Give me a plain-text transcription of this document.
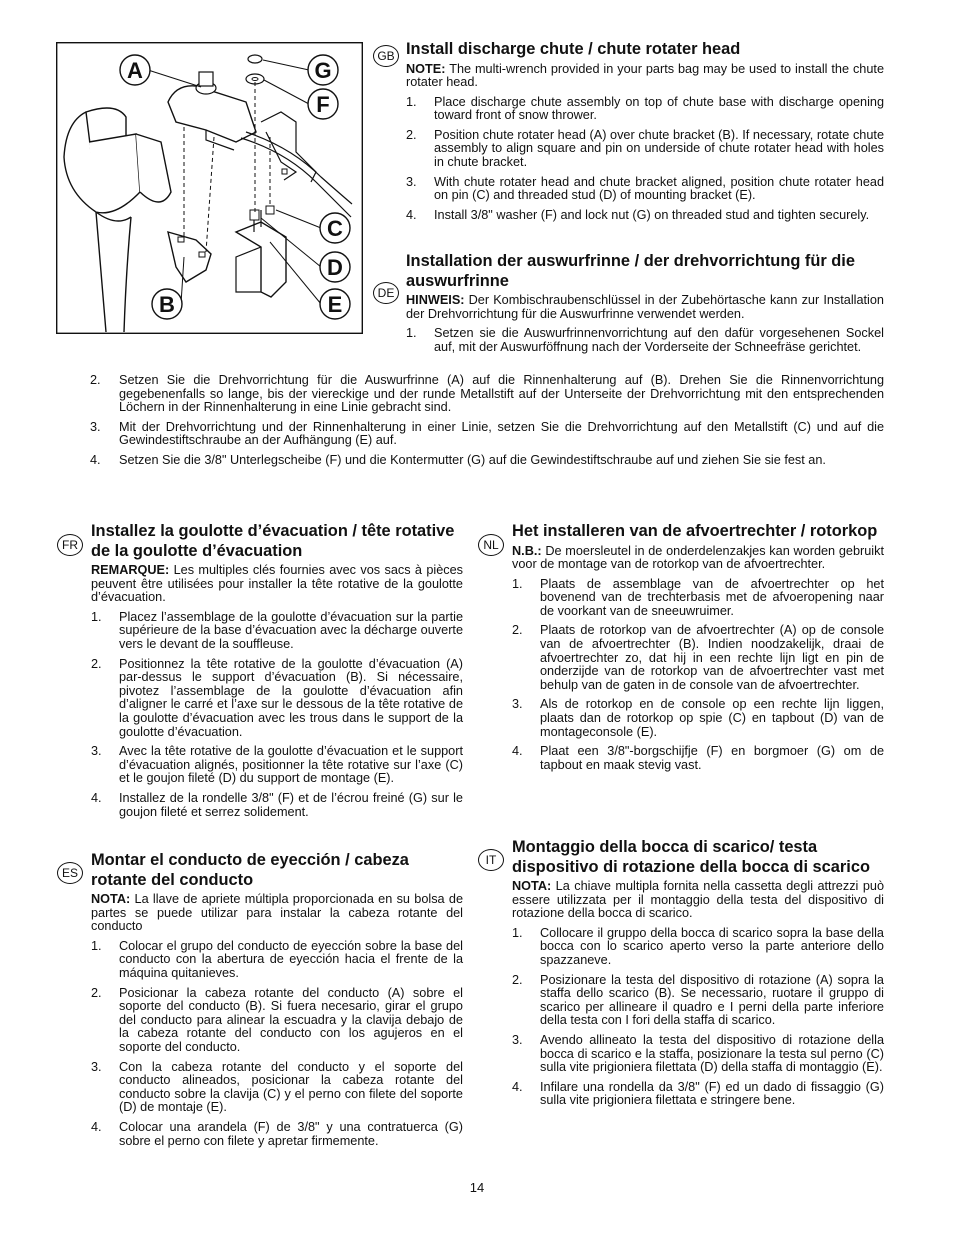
A
B
C
D
E
F
G
GB Install discharge chute / chute rotater head
NOTE: The multi-wrench provided in your parts bag may be used to install the chute rotater head.
1. Place discharge chute assembly on top of chute base with discharge opening toward front of snow thrower.
2. Position chute rotater head (A) over chute bracket (B). If necessary, rotate chute assembly to align square and pin on underside of chute rotater head with holes in chute bracket.
3. With chute rotater head and chute bracket aligned, position chute rotater head on pin (C) and threaded stud (D) of mounting bracket (E).
4. Install 3/8" washer (F) and lock nut (G) on threaded stud and tighten securely.
DE
Installation der auswurfrinne / der drehvorrichtung für die auswurfrinne
HINWEIS: Der Kombischraubenschlüssel in der Zubehörtasche kann zur Installation der Drehvorrichtung für die Auswurfrinne verwendet werden.
1. Setzen sie die Auswurfrinnenvorrichtung auf den dafür vorgesehenen Sockel auf, mit der Auswurföffnung nach der Vorderseite der Schneefräse gerichtet.
2. Setzen Sie die Drehvorrichtung für die Auswurfrinne (A) auf die Rinnenhalterung auf (B). Drehen Sie die Rinnenvorrichtung gegebenenfalls so lange, bis der viereckige und der runde Metallstift auf der Unterseite der Drehvorrichtung mit den entsprechenden Löchern in der Rinnenhalterung in eine Linie gebracht sind.
3. Mit der Drehvorrichtung und der Rinnenhalterung in einer Linie, setzen Sie die Drehvorrichtung auf den Metallstift (C) und auf die Gewindestiftschraube an der Aufhängung (E) auf.
4. Setzen Sie die 3/8" Unterlegscheibe (F) und die Kontermutter (G) auf die Gewindestiftschraube auf und ziehen Sie sie fest an.
FR
Installez la goulotte d’évacuation / tête rotative de la goulotte d’évacuation
REMARQUE: Les multiples clés fournies avec vos sacs à pièces peuvent être utilisées pour installer la tête rotative de la goulotte d’évacuation.
1. Placez l’assemblage de la goulotte d’évacuation sur la partie supérieure de la base d’évacuation avec la décharge ouverte vers le devant de la souffleuse.
2. Positionnez la tête rotative de la goulotte d’évacuation (A) par-dessus le support d’évacuation (B). Si nécessaire, pivotez l’assemblage de la goulotte d’évacuation afin d’aligner le carré et l’axe sur le dessous de la tête rotative de la goulotte d’évacuation avec les trous dans le support de la goulotte d’évacuation.
3. Avec la tête rotative de la goulotte d’évacuation et le support d’évacuation alignés, positionner la tête rotative sur l’axe (C) et le goujon fileté (D) du support de montage (E).
4. Installez de la rondelle 3/8" (F) et de l’écrou freiné (G) sur le goujon fileté et serrez solidement.
ES
Montar el conducto de eyección / cabeza rotante del conducto
NOTA: La llave de apriete múltipla proporcionada en su bolsa de partes se puede utilizar para instalar la cabeza rotante del conducto
1. Colocar el grupo del conducto de eyección sobre la base del conducto con la abertura de eyección hacia el frente de la máquina quitanieves.
2. Posicionar la cabeza rotante del conducto (A) sobre el soporte del conducto (B). Si fuera necesario, girar el grupo del conducto para alinear la escuadra y la clavija debajo de la cabeza rotante del conducto con los agujeros en el soporte del conducto.
3. Con la cabeza rotante del conducto y el soporte del conducto alineados, posicionar la cabeza rotante del conducto sobre la clavija (C) y el perno con filete del soporte (D) de montaje (E).
4. Colocar una arandela (F) de 3/8" y una contratuerca (G) sobre el perno con filete y apretar firmemente.
NL
Het installeren van de afvoertrechter / rotorkop
N.B.: De moersleutel in de onderdelenzakjes kan worden gebruikt voor de montage van de rotorkop van de afvoertrechter.
1. Plaats de assemblage van de afvoertrechter op het bovenend van de trechterbasis met de afvoeropening naar de voorkant van de sneeuwruimer.
2. Plaats de rotorkop van de afvoertrechter (A) op de console van de afvoertrechter (B). Indien noodzakelijk, draai de afvoertrechter zo, dat hij in een rechte lijn ligt en pin de onderzijde van de rotorkop van de afvoertrechter vast met behulp van de gaten in de console van de afvoertrechter.
3. Als de rotorkop en de console op een rechte lijn liggen, plaats dan de rotorkop op spie (C) en tapbout (D) van de montageconsole (E).
4. Plaat een 3/8"-borgschijfje (F) en borgmoer (G) om de tapbout en maak stevig vast.
IT
Montaggio della bocca di scarico/ testa dispositivo di rotazione della bocca di scarico
NOTA: La chiave multipla fornita nella cassetta degli attrezzi può essere utilizzata per il montaggio della testa del dispositivo di rotazione della bocca di scarico.
1. Collocare il gruppo della bocca di scarico sopra la base della bocca con lo scarico aperto verso la parte anteriore dello spazzaneve.
2. Posizionare la testa del dispositivo di rotazione (A) sopra la staffa dello scarico (B). Se necessario, ruotare il gruppo di scarico per allineare il quadro e I perni della parte inferiore della testa con I fori della staffa di scarico.
3. Avendo allineato la testa del dispositivo di rotazione della bocca di scarico e la staffa, posizionare la testa sul perno (C) sulla vite prigioniera filettata (D) della staffa di montaggio (E).
4. Infilare una rondella da 3/8" (F) ed un dado di fissaggio (G) sulla vite prigioniera filettata e stringere bene.
14
